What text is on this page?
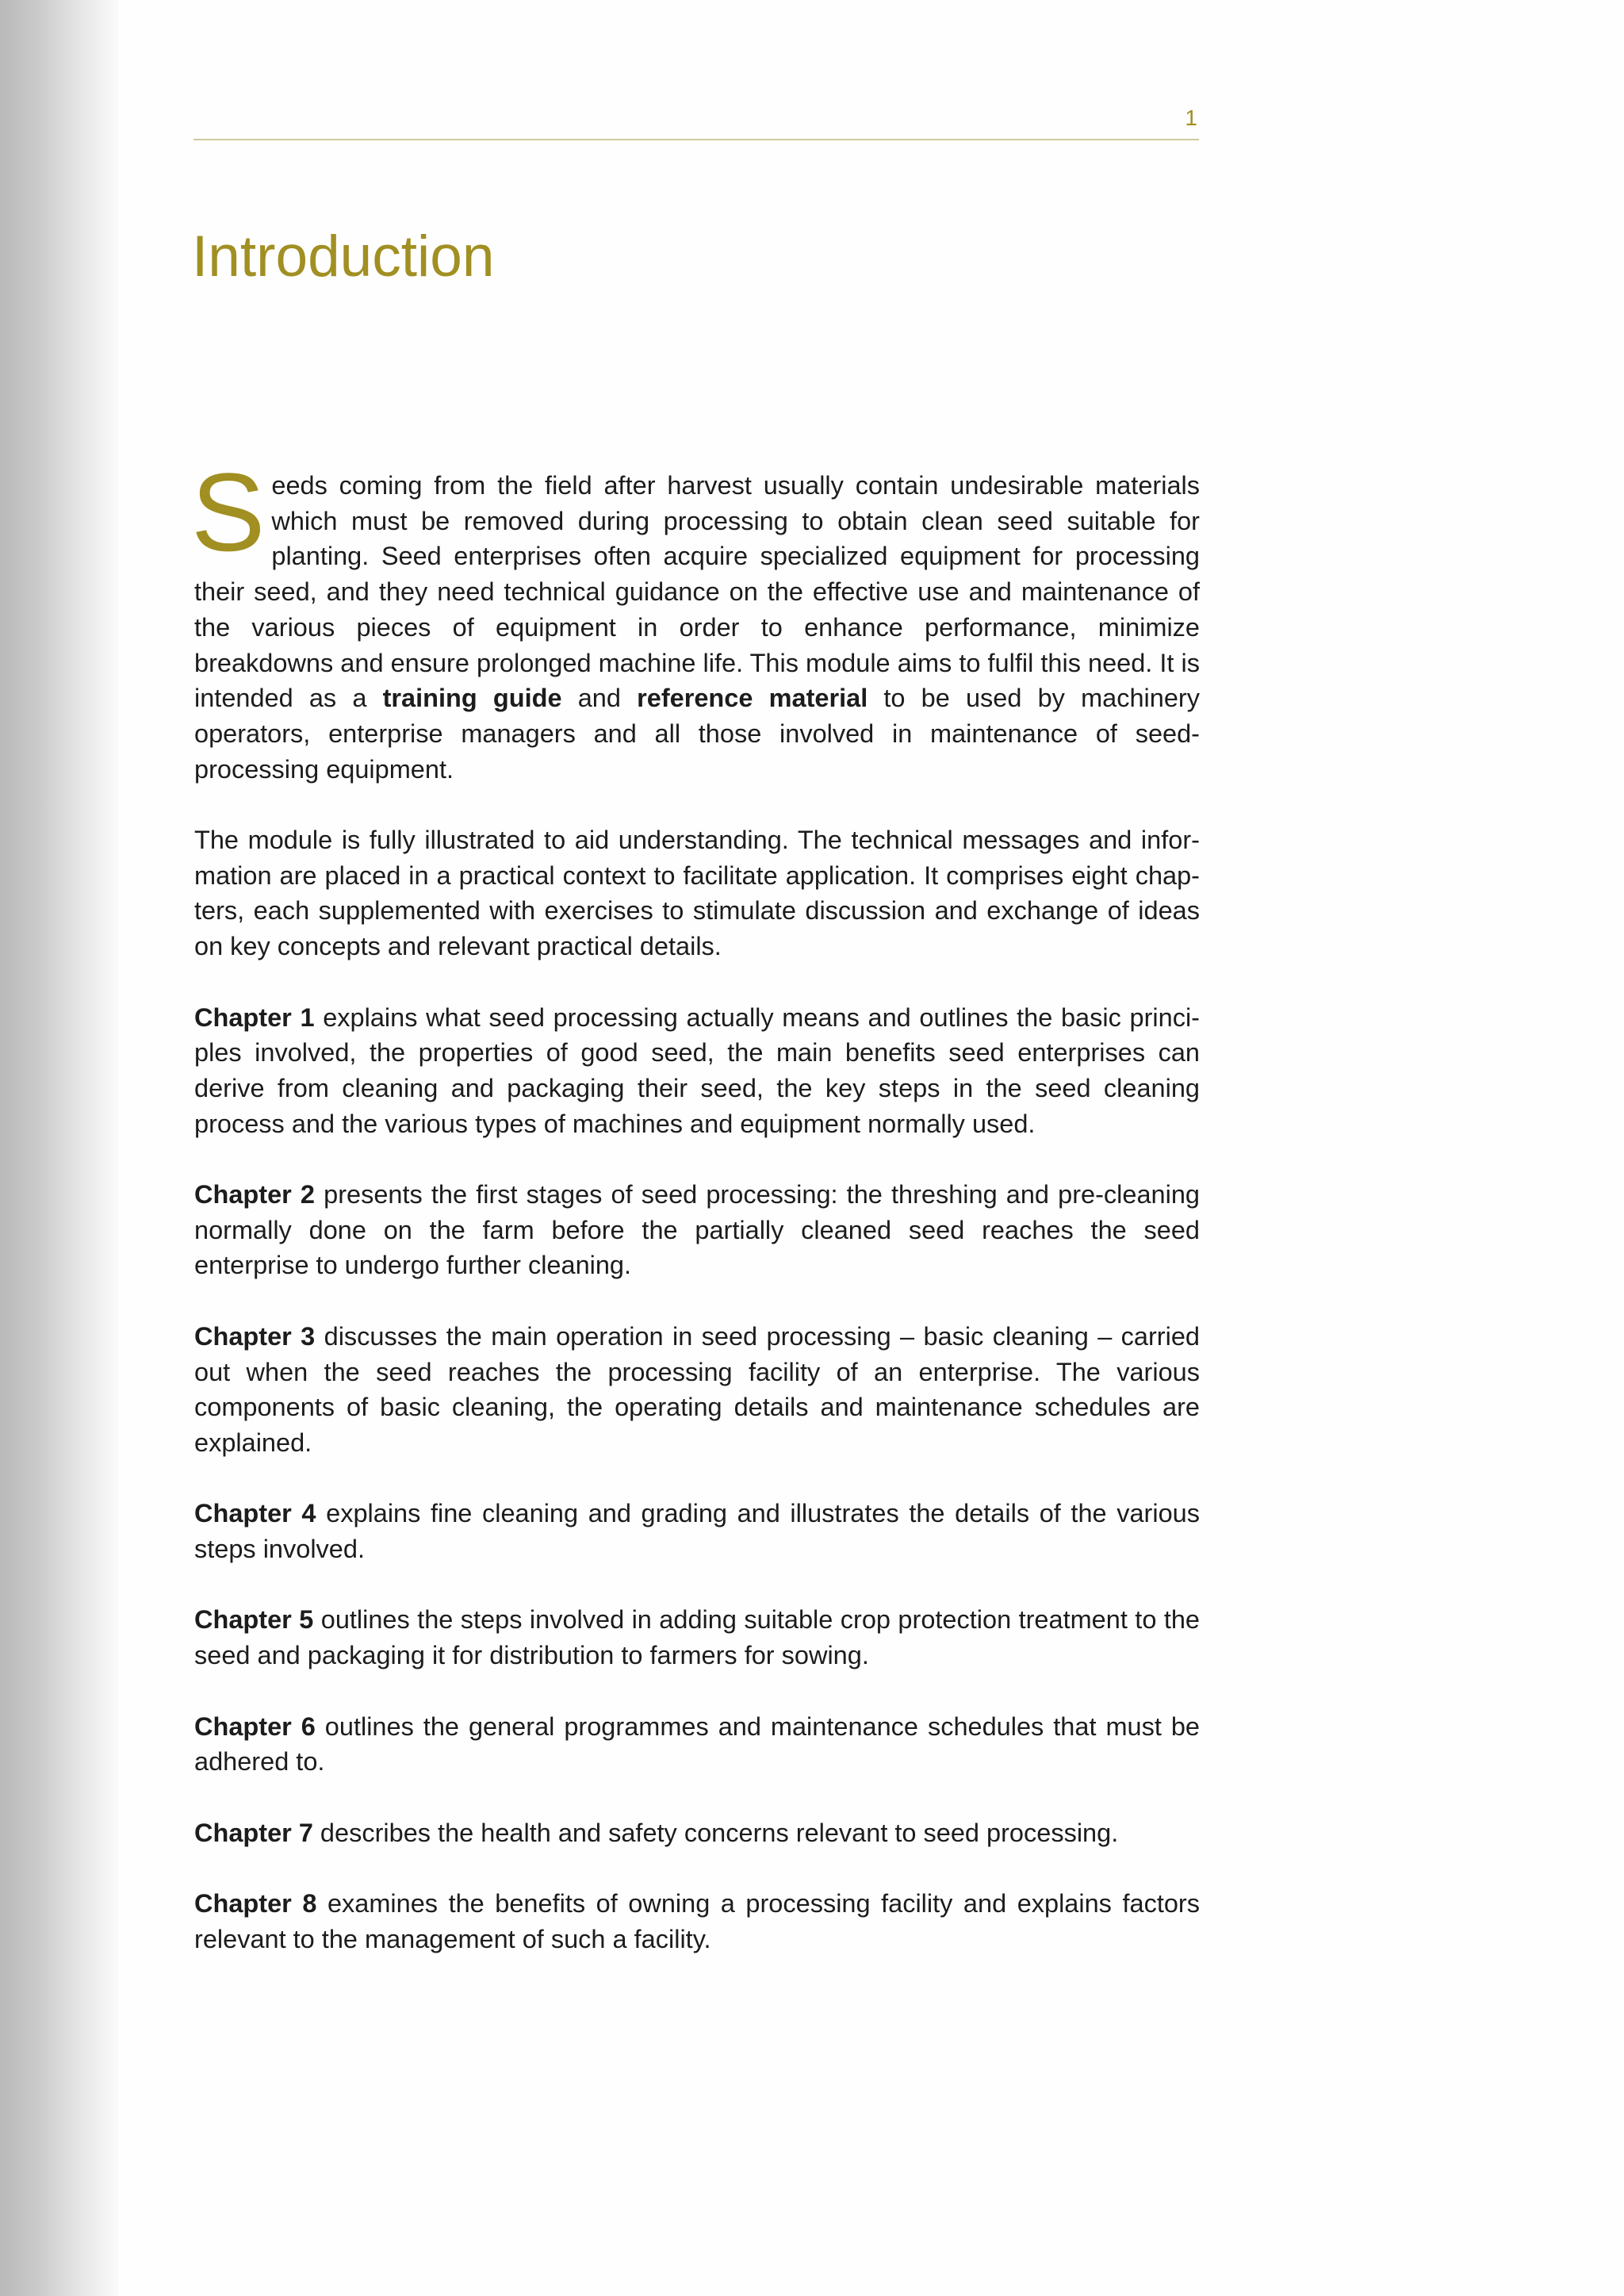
1
Introduction

Seeds coming from the field after harvest usually contain undesirable materials which must be removed during processing to obtain clean seed suitable for planting. Seed enterprises often acquire specialized equipment for processing their seed, and they need technical guidance on the effective use and maintenance of the various pieces of equipment in order to enhance performance, minimize breakdowns and ensure prolonged machine life. This module aims to fulfil this need. It is intended as a training guide and reference material to be used by machinery operators, enterprise managers and all those involved in maintenance of seed-processing equipment.

The module is fully illustrated to aid understanding. The technical messages and information are placed in a practical context to facilitate application. It comprises eight chapters, each supplemented with exercises to stimulate discussion and exchange of ideas on key concepts and relevant practical details.

Chapter 1 explains what seed processing actually means and outlines the basic principles involved, the properties of good seed, the main benefits seed enterprises can derive from cleaning and packaging their seed, the key steps in the seed cleaning process and the various types of machines and equipment normally used.

Chapter 2 presents the first stages of seed processing: the threshing and pre-cleaning normally done on the farm before the partially cleaned seed reaches the seed enterprise to undergo further cleaning.

Chapter 3 discusses the main operation in seed processing – basic cleaning – carried out when the seed reaches the processing facility of an enterprise. The various components of basic cleaning, the operating details and maintenance schedules are explained.

Chapter 4 explains fine cleaning and grading and illustrates the details of the various steps involved.

Chapter 5 outlines the steps involved in adding suitable crop protection treatment to the seed and packaging it for distribution to farmers for sowing.

Chapter 6 outlines the general programmes and maintenance schedules that must be adhered to.

Chapter 7 describes the health and safety concerns relevant to seed processing.

Chapter 8 examines the benefits of owning a processing facility and explains factors relevant to the management of such a facility.
